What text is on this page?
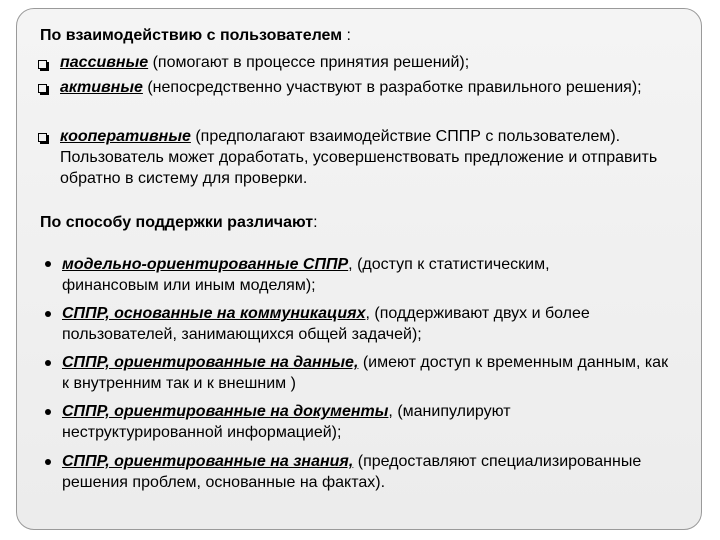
По взаимодействию с пользователем :
пассивные (помогают в процессе принятия решений);
активные (непосредственно участвуют в разработке правильного решения);
кооперативные (предполагают взаимодействие СППР с пользователем). Пользователь может доработать, усовершенствовать предложение и отправить обратно в систему для проверки.
По способу поддержки различают:
модельно-ориентированные СППР, (доступ к статистическим, финансовым или иным моделям);
СППР, основанные на коммуникациях, (поддерживают двух и более пользователей, занимающихся общей задачей);
СППР, ориентированные на данные, (имеют доступ к временным данным, как к внутренним так и к внешним )
СППР, ориентированные на документы, (манипулируют неструктурированной информацией);
СППР, ориентированные на знания, (предоставляют специализированные решения проблем, основанные на фактах).
